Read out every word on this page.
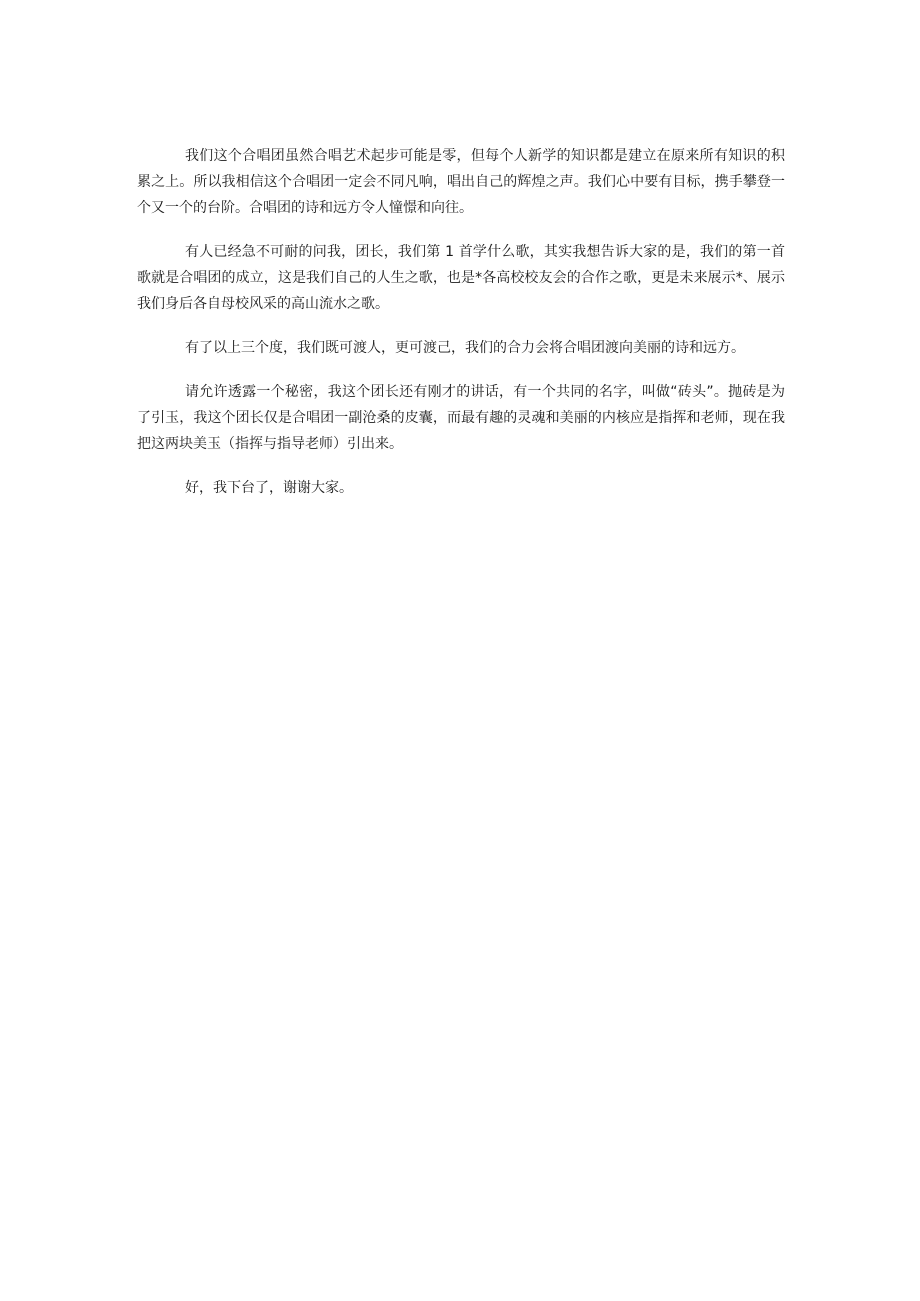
我们这个合唱团虽然合唱艺术起步可能是零，但每个人新学的知识都是建立在原来所有知识的积累之上。所以我相信这个合唱团一定会不同凡响，唱出自己的辉煌之声。我们心中要有目标，携手攀登一个又一个的台阶。合唱团的诗和远方令人憧憬和向往。

有人已经急不可耐的问我，团长，我们第 1 首学什么歌，其实我想告诉大家的是，我们的第一首歌就是合唱团的成立，这是我们自己的人生之歌，也是*各高校校友会的合作之歌，更是未来展示*、展示我们身后各自母校风采的高山流水之歌。

有了以上三个度，我们既可渡人，更可渡己，我们的合力会将合唱团渡向美丽的诗和远方。

请允许透露一个秘密，我这个团长还有刚才的讲话，有一个共同的名字，叫做“砖头”。抛砖是为了引玉，我这个团长仅是合唱团一副沧桑的皮囊，而最有趣的灵魂和美丽的内核应是指挥和老师，现在我把这两块美玉（指挥与指导老师）引出来。

好，我下台了，谢谢大家。
